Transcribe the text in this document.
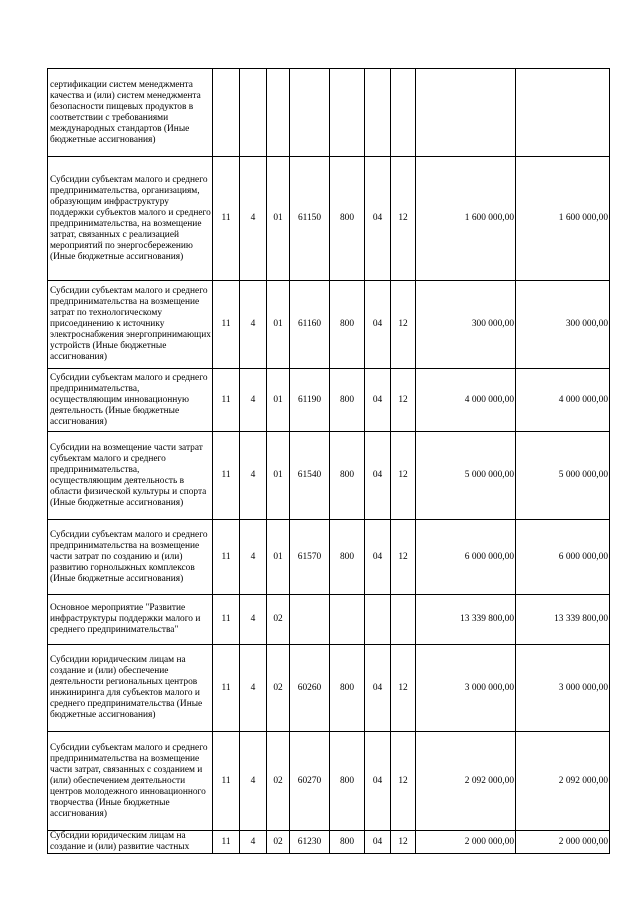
сертификации систем менеджмента качества и (или) систем менеджмента безопасности пищевых продуктов в соответствии с требованиями международных стандартов (Иные бюджетные ассигнования)									
Субсидии субъектам малого и среднего предпринимательства, организациям, образующим инфраструктуру поддержки субъектов малого и среднего предпринимательства, на возмещение затрат, связанных с реализацией мероприятий по энергосбережению (Иные бюджетные ассигнования)	11	4	01	61150	800	04	12	1 600 000,00	1 600 000,00
Субсидии субъектам малого и среднего предпринимательства на возмещение затрат по технологическому присоединению к источнику электроснабжения энергопринимающих устройств (Иные бюджетные ассигнования)	11	4	01	61160	800	04	12	300 000,00	300 000,00
Субсидии субъектам малого и среднего предпринимательства, осуществляющим инновационную деятельность (Иные бюджетные ассигнования)	11	4	01	61190	800	04	12	4 000 000,00	4 000 000,00
Субсидии на возмещение части затрат субъектам малого и среднего предпринимательства, осуществляющим деятельность в области физической культуры и спорта (Иные бюджетные ассигнования)	11	4	01	61540	800	04	12	5 000 000,00	5 000 000,00
Субсидии субъектам малого и среднего предпринимательства на возмещение части затрат по созданию и (или) развитию горнолыжных комплексов (Иные бюджетные ассигнования)	11	4	01	61570	800	04	12	6 000 000,00	6 000 000,00
Основное мероприятие "Развитие инфраструктуры поддержки малого и среднего предпринимательства"	11	4	02					13 339 800,00	13 339 800,00
Субсидии юридическим лицам на создание и (или) обеспечение деятельности региональных центров инжиниринга для субъектов малого и среднего предпринимательства (Иные бюджетные ассигнования)	11	4	02	60260	800	04	12	3 000 000,00	3 000 000,00
Субсидии субъектам малого и среднего предпринимательства на возмещение части затрат, связанных с созданием и (или) обеспечением деятельности центров молодежного инновационного творчества (Иные бюджетные ассигнования)	11	4	02	60270	800	04	12	2 092 000,00	2 092 000,00
Субсидии юридическим лицам на создание и (или) развитие частных	11	4	02	61230	800	04	12	2 000 000,00	2 000 000,00
